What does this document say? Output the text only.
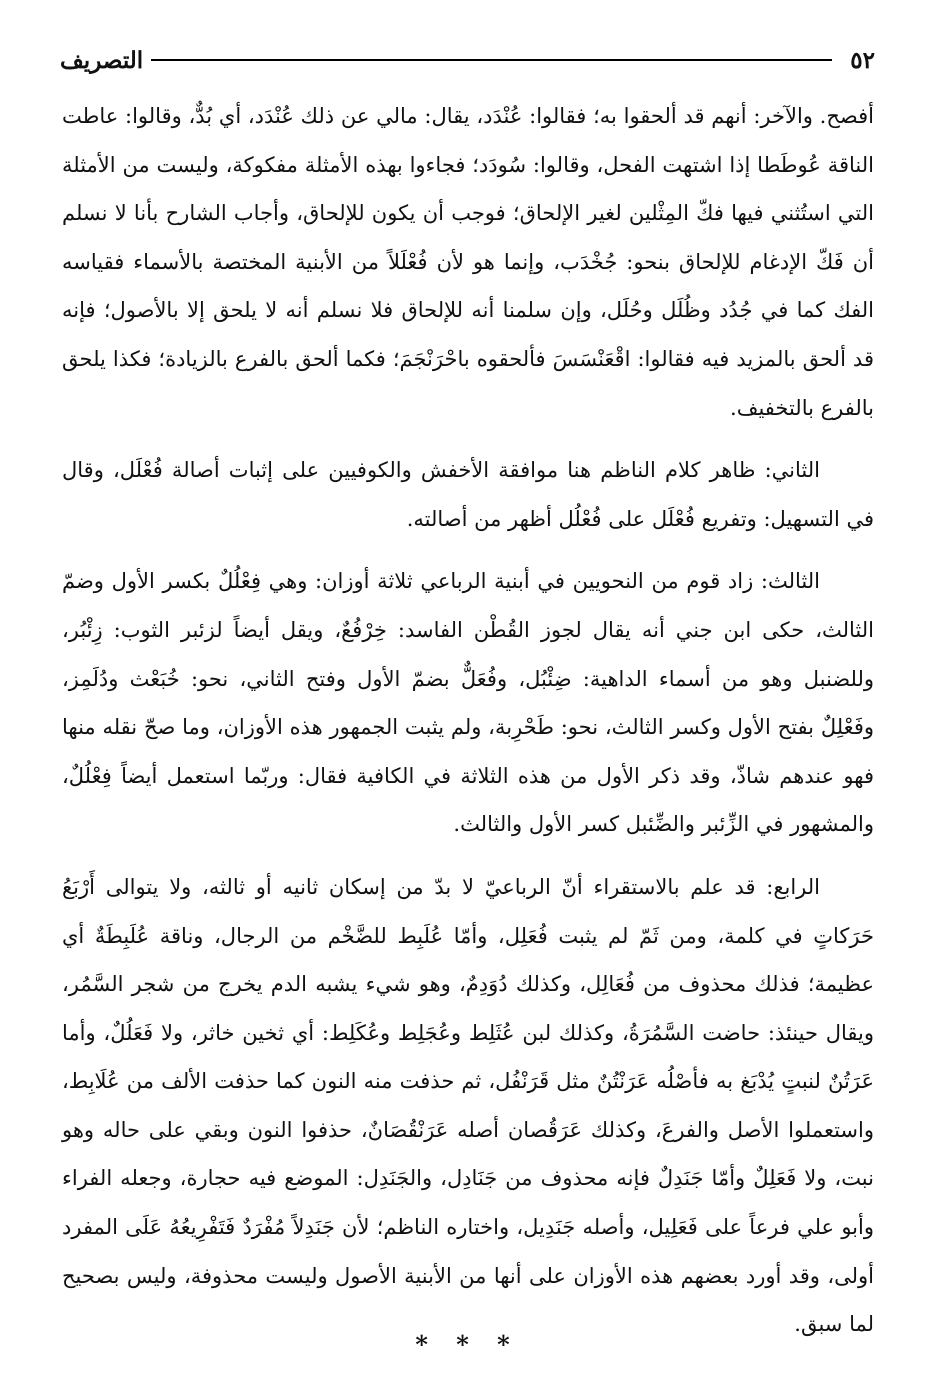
٥٢
التصريف

أفصح. والآخر: أنهم قد ألحقوا به؛ فقالوا: عُنْدَد، يقال: مالي عن ذلك عُنْدَد، أي بُدٌّ، وقالوا: عاطت الناقة عُوطَطا إذا اشتهت الفحل، وقالوا: سُودَد؛ فجاءوا بهذه الأمثلة مفكوكة، وليست من الأمثلة التي استُثني فيها فكّ المِثْلين لغير الإلحاق؛ فوجب أن يكون للإلحاق، وأجاب الشارح بأنا لا نسلم أن فَكّ الإدغام للإلحاق بنحو: جُخْدَب، وإنما هو لأن فُعْلَلاً من الأبنية المختصة بالأسماء فقياسه الفك كما في جُدُد وظُلَل وحُلَل، وإن سلمنا أنه للإلحاق فلا نسلم أنه لا يلحق إلا بالأصول؛ فإنه قد ألحق بالمزيد فيه فقالوا: اقْعَنْسَسَ فألحقوه باحْرَنْجَمَ؛ فكما ألحق بالفرع بالزيادة؛ فكذا يلحق بالفرع بالتخفيف.

الثاني: ظاهر كلام الناظم هنا موافقة الأخفش والكوفيين على إثبات أصالة فُعْلَل، وقال في التسهيل: وتفريع فُعْلَل على فُعْلُل أظهر من أصالته.

الثالث: زاد قوم من النحويين في أبنية الرباعي ثلاثة أوزان: وهي فِعْلُلٌ بكسر الأول وضمّ الثالث، حكى ابن جني أنه يقال لجوز القُطْن الفاسد: خِرْفُعٌ، ويقل أيضاً لزئبر الثوب: زِئْبُر، وللضنبل وهو من أسماء الداهية: ضِئْبُل، وفُعَلٌّ بضمّ الأول وفتح الثاني، نحو: خُبَعْث ودُلَمِز، وفَعْلِلٌ بفتح الأول وكسر الثالث، نحو: طَحْرِبة، ولم يثبت الجمهور هذه الأوزان، وما صحّ نقله منها فهو عندهم شاذّ، وقد ذكر الأول من هذه الثلاثة في الكافية فقال: وربّما استعمل أيضاً فِعْلُلٌ، والمشهور في الزِّئبر والضِّئبل كسر الأول والثالث.

الرابع: قد علم بالاستقراء أنّ الرباعيّ لا بدّ من إسكان ثانيه أو ثالثه، ولا يتوالى أَرْبَعُ حَرَكاتٍ في كلمة، ومن ثَمّ لم يثبت فُعَلِل، وأمّا عُلَبِط للضَّخْم من الرجال، وناقة عُلَبِطَةٌ أي عظيمة؛ فذلك محذوف من فُعَالِل، وكذلك دُوَدِمٌ، وهو شيء يشبه الدم يخرج من شجر السَّمُر، ويقال حينئذ: حاضت السَّمُرَةُ، وكذلك لبن عُثَلِط وعُجَلِط وعُكَلِط: أي ثخين خاثر، ولا فَعَلُلٌ، وأما عَرَتُنٌ لنبتٍ يُدْبَغ به فأصْلُه عَرَنْتُنٌ مثل قَرَنْفُل، ثم حذفت منه النون كما حذفت الألف من عُلَابِط، واستعملوا الأصل والفرعَ، وكذلك عَرَقُصان أصله عَرَنْقُصَانٌ، حذفوا النون وبقي على حاله وهو نبت، ولا فَعَلِلٌ وأمّا جَنَدِلٌ فإنه محذوف من جَنَادِل، والجَنَدِل: الموضع فيه حجارة، وجعله الفراء وأبو علي فرعاً على فَعَلِيل، وأصله جَنَدِيل، واختاره الناظم؛ لأن جَنَدِلاً مُفْرَدٌ فَتَفْرِيعُهُ عَلَى المفرد أولى، وقد أورد بعضهم هذه الأوزان على أنها من الأبنية الأصول وليست محذوفة، وليس بصحيح لما سبق.

* * *
